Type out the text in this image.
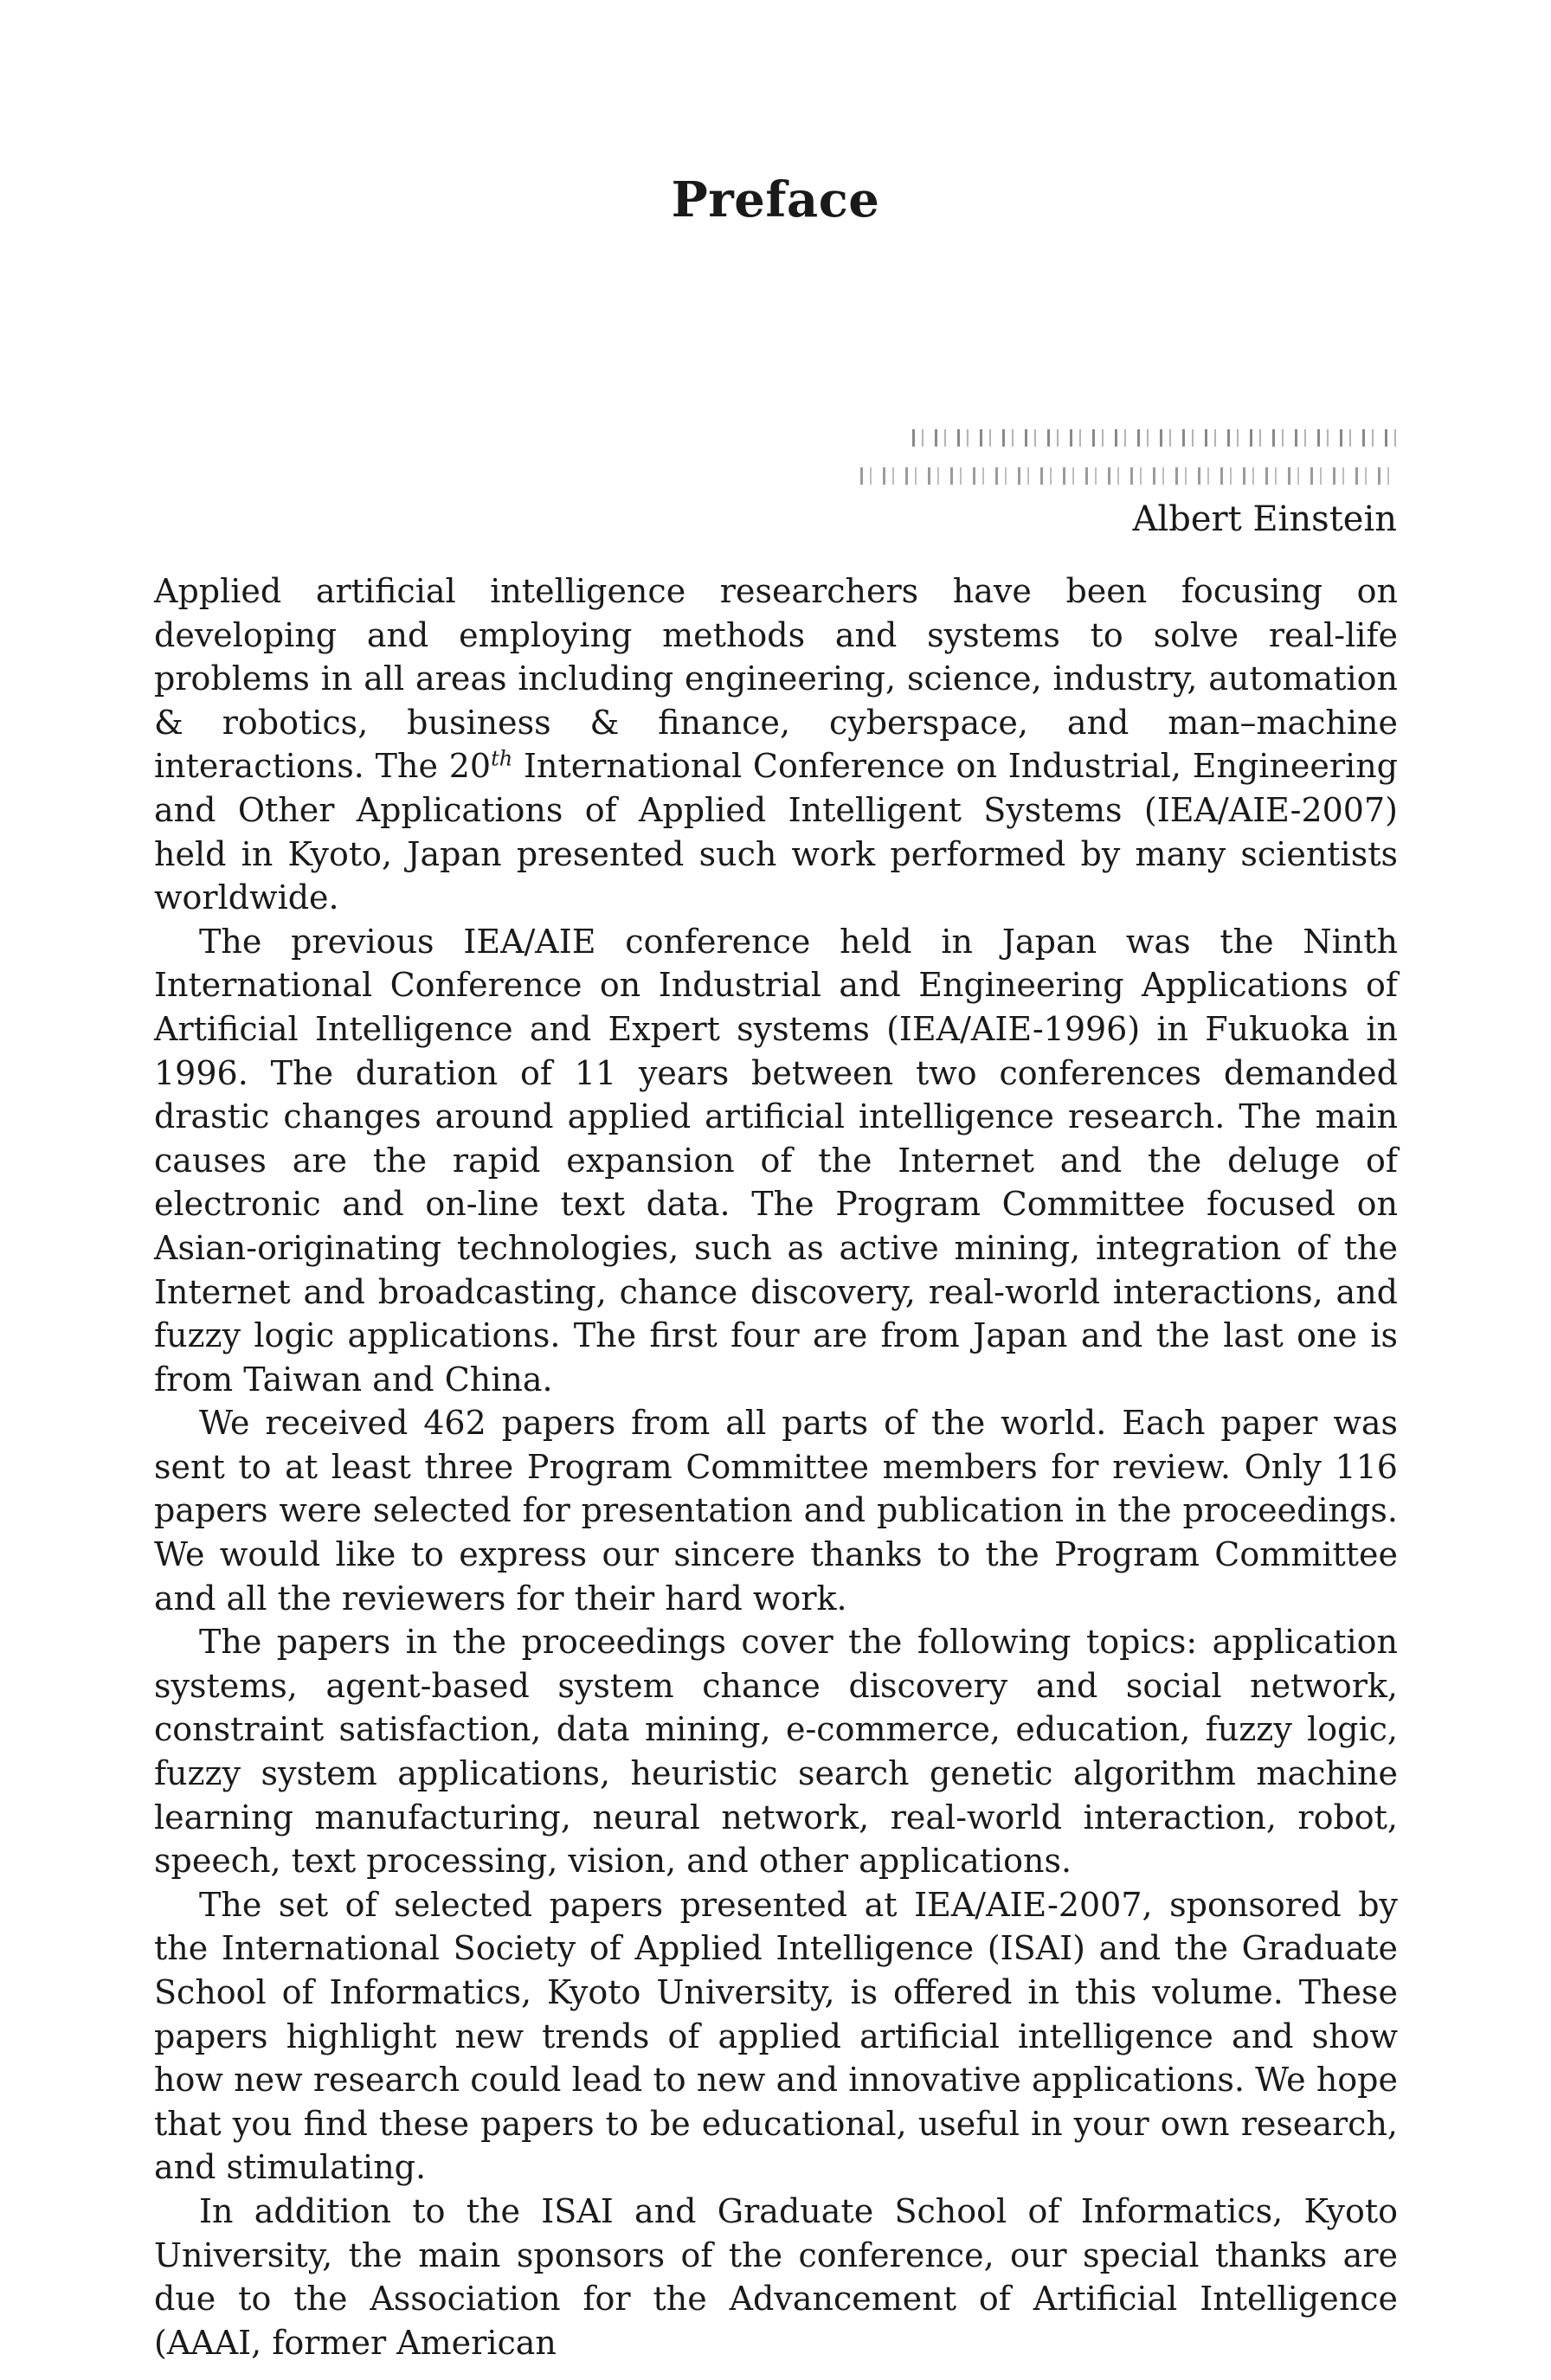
Preface
Albert Einstein

Applied artificial intelligence researchers have been focusing on developing and employing methods and systems to solve real-life problems in all areas including engineering, science, industry, automation & robotics, business & finance, cyberspace, and man–machine interactions. The 20th International Conference on Industrial, Engineering and Other Applications of Applied Intelligent Systems (IEA/AIE-2007) held in Kyoto, Japan presented such work performed by many scientists worldwide.

The previous IEA/AIE conference held in Japan was the Ninth International Conference on Industrial and Engineering Applications of Artificial Intelligence and Expert systems (IEA/AIE-1996) in Fukuoka in 1996. The duration of 11 years between two conferences demanded drastic changes around applied artificial intelligence research. The main causes are the rapid expansion of the Internet and the deluge of electronic and on-line text data. The Program Committee focused on Asian-originating technologies, such as active mining, integration of the Internet and broadcasting, chance discovery, real-world interactions, and fuzzy logic applications. The first four are from Japan and the last one is from Taiwan and China.

We received 462 papers from all parts of the world. Each paper was sent to at least three Program Committee members for review. Only 116 papers were selected for presentation and publication in the proceedings. We would like to express our sincere thanks to the Program Committee and all the reviewers for their hard work.

The papers in the proceedings cover the following topics: application systems, agent-based system chance discovery and social network, constraint satisfaction, data mining, e-commerce, education, fuzzy logic, fuzzy system applications, heuristic search genetic algorithm machine learning manufacturing, neural network, real-world interaction, robot, speech, text processing, vision, and other applications.

The set of selected papers presented at IEA/AIE-2007, sponsored by the International Society of Applied Intelligence (ISAI) and the Graduate School of Informatics, Kyoto University, is offered in this volume. These papers highlight new trends of applied artificial intelligence and show how new research could lead to new and innovative applications. We hope that you find these papers to be educational, useful in your own research, and stimulating.

In addition to the ISAI and Graduate School of Informatics, Kyoto University, the main sponsors of the conference, our special thanks are due to the Association for the Advancement of Artificial Intelligence (AAAI, former American
